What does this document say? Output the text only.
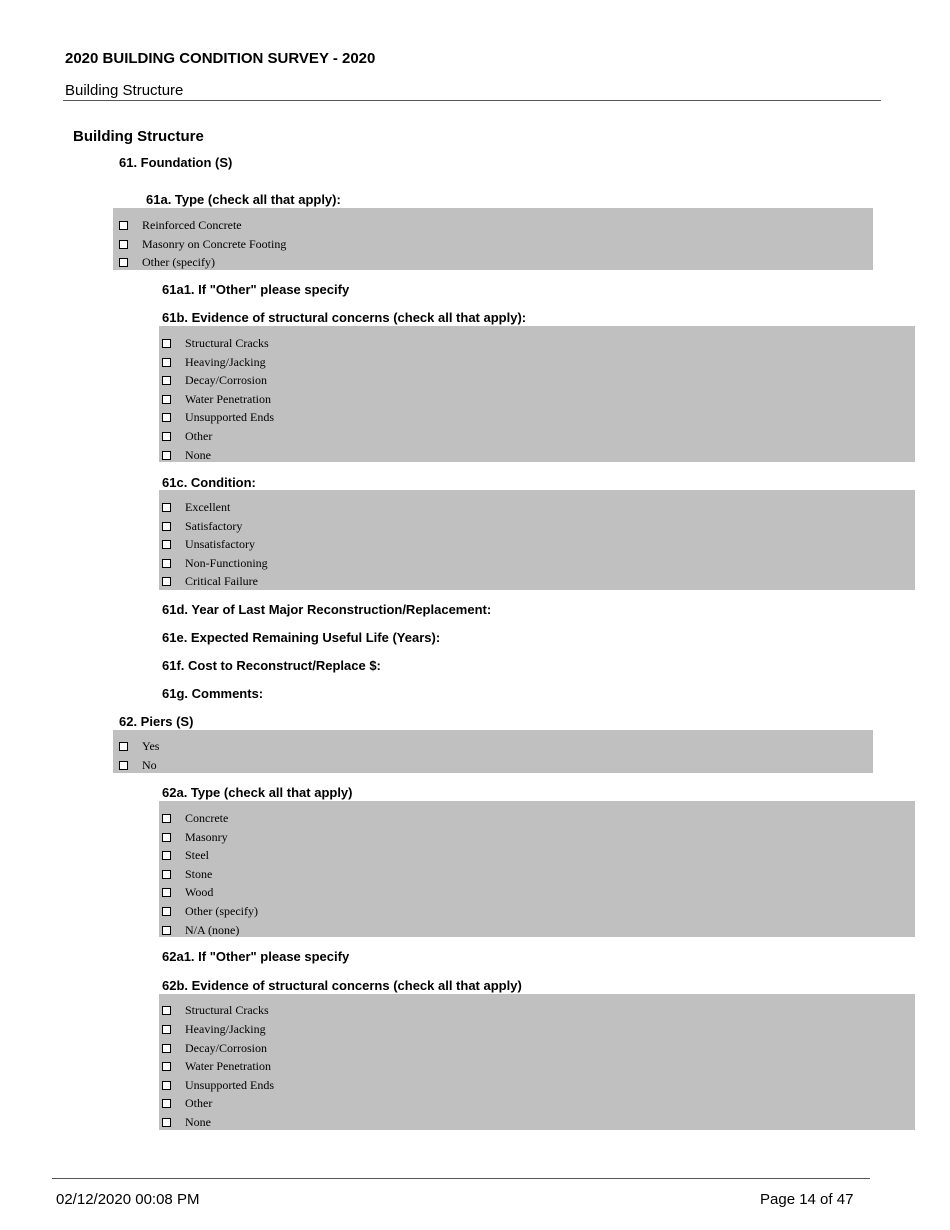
2020 BUILDING CONDITION SURVEY - 2020
Building Structure
Building Structure
61. Foundation (S)
61a. Type (check all that apply):
Reinforced Concrete
Masonry on Concrete Footing
Other (specify)
61a1. If "Other" please specify
61b. Evidence of structural concerns (check all that apply):
Structural Cracks
Heaving/Jacking
Decay/Corrosion
Water Penetration
Unsupported Ends
Other
None
61c. Condition:
Excellent
Satisfactory
Unsatisfactory
Non-Functioning
Critical Failure
61d. Year of Last Major Reconstruction/Replacement:
61e. Expected Remaining Useful Life (Years):
61f. Cost to Reconstruct/Replace $:
61g. Comments:
62. Piers (S)
Yes
No
62a. Type (check all that apply)
Concrete
Masonry
Steel
Stone
Wood
Other (specify)
N/A (none)
62a1. If "Other" please specify
62b. Evidence of structural concerns (check all that apply)
Structural Cracks
Heaving/Jacking
Decay/Corrosion
Water Penetration
Unsupported Ends
Other
None
02/12/2020 00:08 PM	Page 14 of 47
